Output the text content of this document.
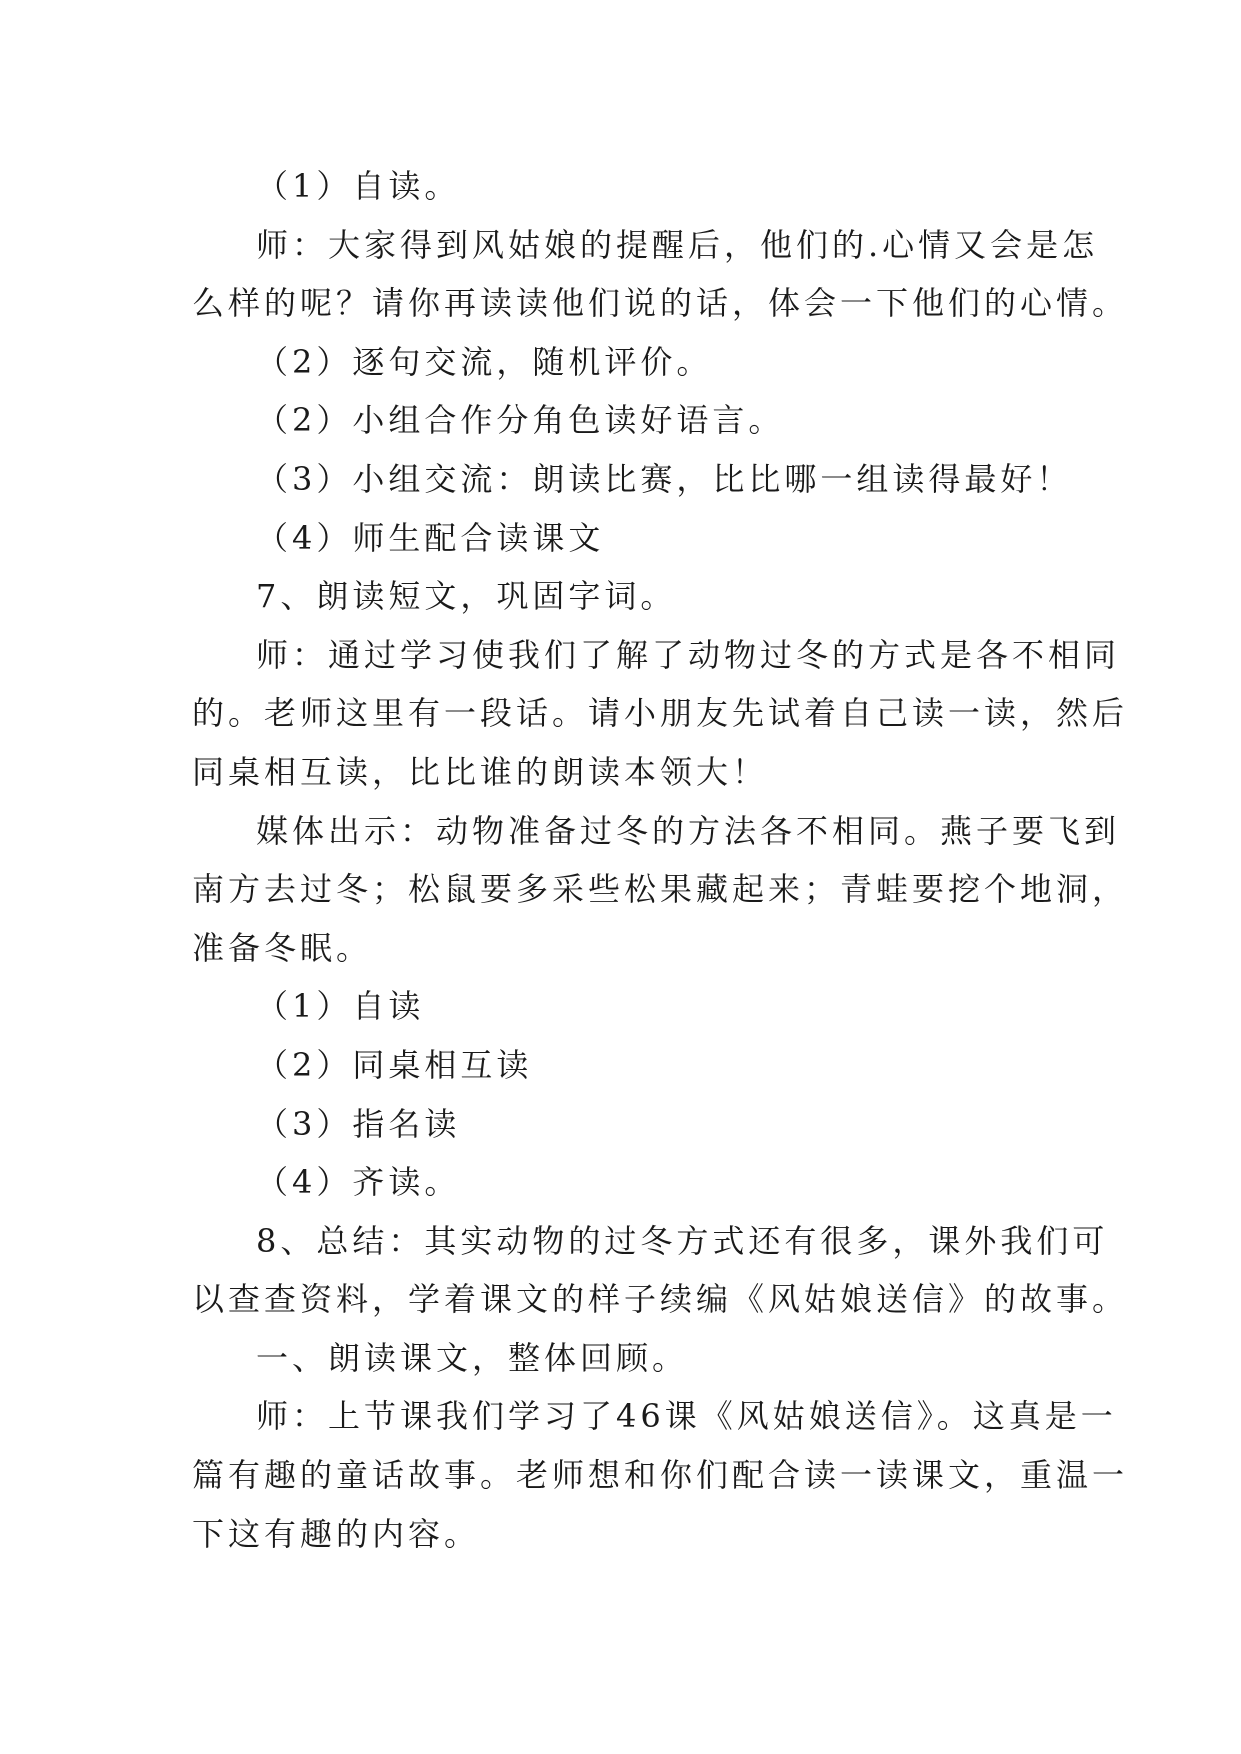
（1）自读。
师：大家得到风姑娘的提醒后，他们的.心情又会是怎
么样的呢？请你再读读他们说的话，体会一下他们的心情。
（2）逐句交流，随机评价。
（2）小组合作分角色读好语言。
（3）小组交流：朗读比赛，比比哪一组读得最好！
（4）师生配合读课文
7、朗读短文，巩固字词。
师：通过学习使我们了解了动物过冬的方式是各不相同
的。老师这里有一段话。请小朋友先试着自己读一读，然后
同桌相互读，比比谁的朗读本领大！
媒体出示：动物准备过冬的方法各不相同。燕子要飞到
南方去过冬；松鼠要多采些松果藏起来；青蛙要挖个地洞，
准备冬眠。
（1）自读
（2）同桌相互读
（3）指名读
（4）齐读。
8、总结：其实动物的过冬方式还有很多，课外我们可
以查查资料，学着课文的样子续编《风姑娘送信》的故事。
一、朗读课文，整体回顾。
师：上节课我们学习了46课《风姑娘送信》。这真是一
篇有趣的童话故事。老师想和你们配合读一读课文，重温一
下这有趣的内容。
